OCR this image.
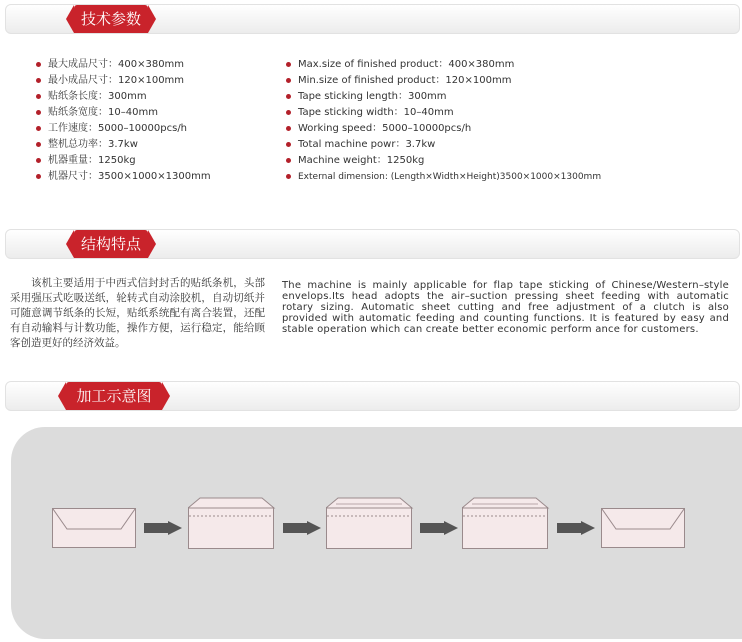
技术参数
最大成品尺寸：400×380mm
最小成品尺寸：120×100mm
贴纸条长度：300mm
贴纸条宽度：10–40mm
工作速度：5000–10000pcs/h
整机总功率：3.7kw
机器重量：1250kg
机器尺寸：3500×1000×1300mm
Max.size of finished product：400×380mm
Min.size of finished product：120×100mm
Tape sticking length：300mm
Tape sticking width：10–40mm
Working speed：5000–10000pcs/h
Total machine powr：3.7kw
Machine weight：1250kg
External dimension: (Length×Width×Height)3500×1000×1300mm
结构特点
该机主要适用于中西式信封封舌的贴纸条机，头部采用强压式吃吸送纸，轮转式自动涂胶机，自动切纸并可随意调节纸条的长短，贴纸系统配有离合装置，还配有自动输料与计数功能，操作方便，运行稳定，能给顾客创造更好的经济效益。
The machine is mainly applicable for flap tape sticking of Chinese/Western–style envelops.Its head adopts the air–suction pressing sheet feeding with automatic rotary sizing. Automatic sheet cutting and free adjustment of a clutch is also provided with automatic feeding and counting functions. It is featured by easy and stable operation which can create better economic perform ance for customers.
加工示意图
